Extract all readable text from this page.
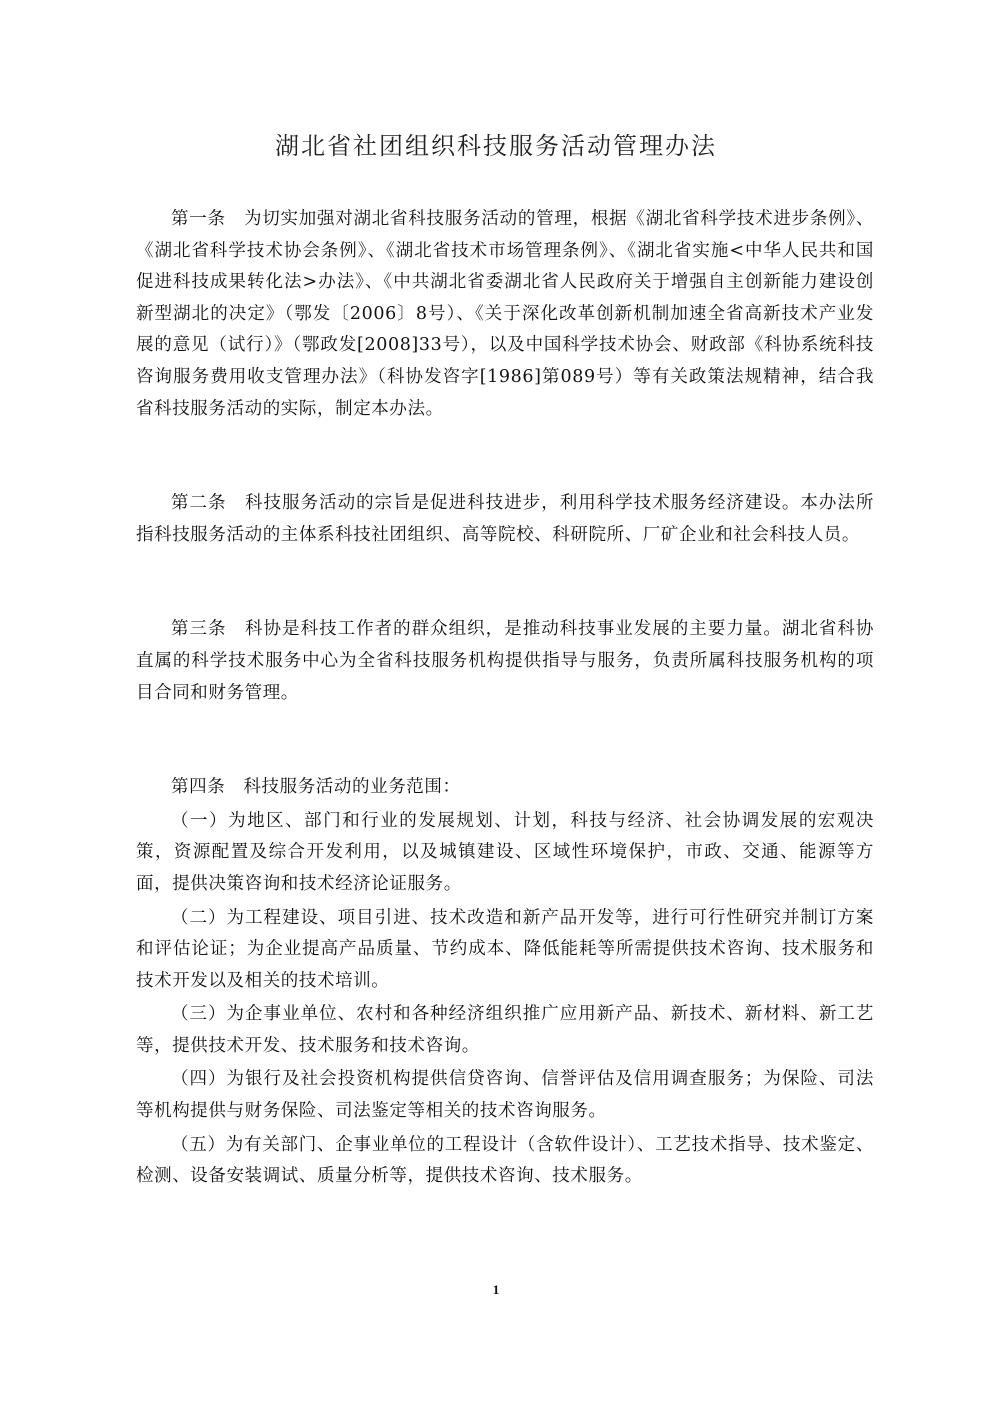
湖北省社团组织科技服务活动管理办法

第一条　为切实加强对湖北省科技服务活动的管理，根据《湖北省科学技术进步条例》、《湖北省科学技术协会条例》、《湖北省技术市场管理条例》、《湖北省实施<中华人民共和国促进科技成果转化法>办法》、《中共湖北省委湖北省人民政府关于增强自主创新能力建设创新型湖北的决定》（鄂发〔2006〕8号）、《关于深化改革创新机制加速全省高新技术产业发展的意见（试行）》（鄂政发[2008]33号），以及中国科学技术协会、财政部《科协系统科技咨询服务费用收支管理办法》（科协发咨字[1986]第089号）等有关政策法规精神，结合我省科技服务活动的实际，制定本办法。

第二条　科技服务活动的宗旨是促进科技进步，利用科学技术服务经济建设。本办法所指科技服务活动的主体系科技社团组织、高等院校、科研院所、厂矿企业和社会科技人员。

第三条　科协是科技工作者的群众组织，是推动科技事业发展的主要力量。湖北省科协直属的科学技术服务中心为全省科技服务机构提供指导与服务，负责所属科技服务机构的项目合同和财务管理。

第四条　科技服务活动的业务范围：

（一）为地区、部门和行业的发展规划、计划，科技与经济、社会协调发展的宏观决策，资源配置及综合开发利用，以及城镇建设、区域性环境保护，市政、交通、能源等方面，提供决策咨询和技术经济论证服务。

（二）为工程建设、项目引进、技术改造和新产品开发等，进行可行性研究并制订方案和评估论证；为企业提高产品质量、节约成本、降低能耗等所需提供技术咨询、技术服务和技术开发以及相关的技术培训。

（三）为企事业单位、农村和各种经济组织推广应用新产品、新技术、新材料、新工艺等，提供技术开发、技术服务和技术咨询。

（四）为银行及社会投资机构提供信贷咨询、信誉评估及信用调查服务；为保险、司法等机构提供与财务保险、司法鉴定等相关的技术咨询服务。

（五）为有关部门、企事业单位的工程设计（含软件设计）、工艺技术指导、技术鉴定、检测、设备安装调试、质量分析等，提供技术咨询、技术服务。

1
